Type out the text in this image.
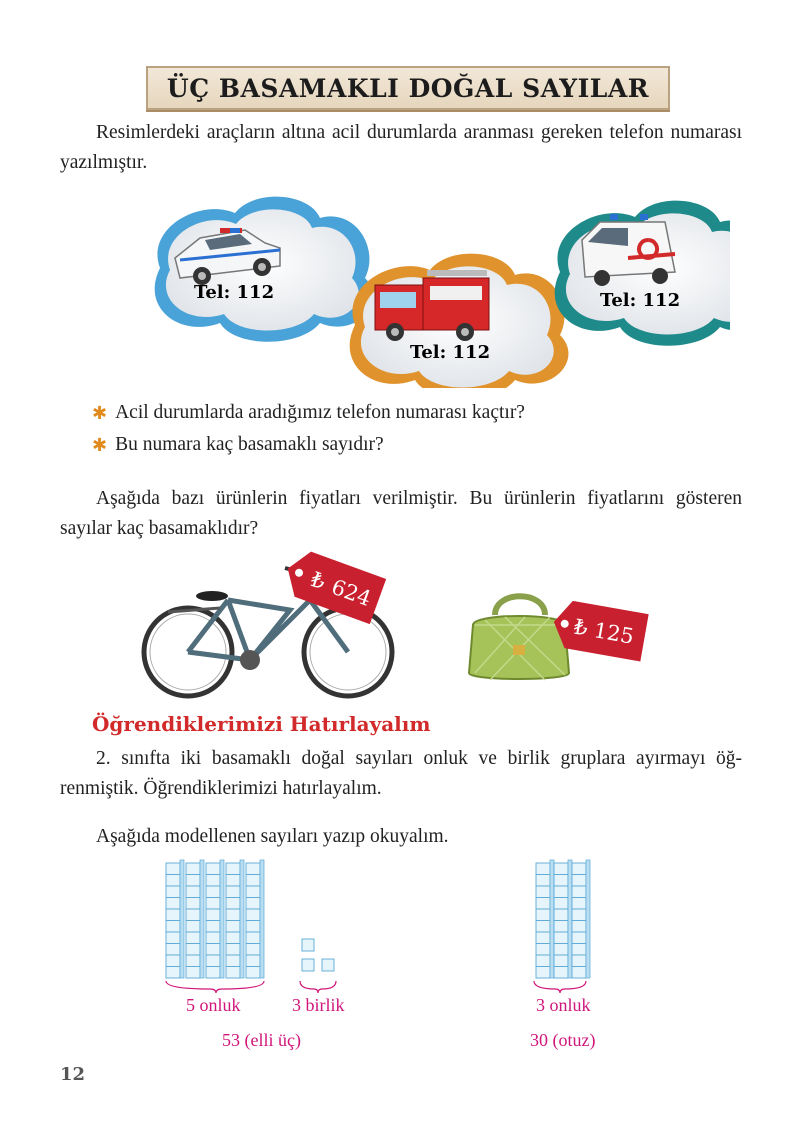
ÜÇ BASAMAKLI DOĞAL SAYILAR
Resimlerdeki araçların altına acil durumlarda aranması gereken telefon numarası yazılmıştır.
Tel: 112
Tel: 112
Tel: 112
✱ Acil durumlarda aradığımız telefon numarası kaçtır?
✱ Bu numara kaç basamaklı sayıdır?
Aşağıda bazı ürünlerin fiyatları verilmiştir. Bu ürünlerin fiyatlarını gösteren sayılar kaç basamaklıdır?
₺ 624
₺ 125
Öğrendiklerimizi Hatırlayalım
2. sınıfta iki basamaklı doğal sayıları onluk ve birlik gruplara ayırmayı öğrenmiştik. Öğrendiklerimizi hatırlayalım.
Aşağıda modellenen sayıları yazıp okuyalım.
5 onluk	3 birlik
53 (elli üç)
3 onluk
30 (otuz)
12
